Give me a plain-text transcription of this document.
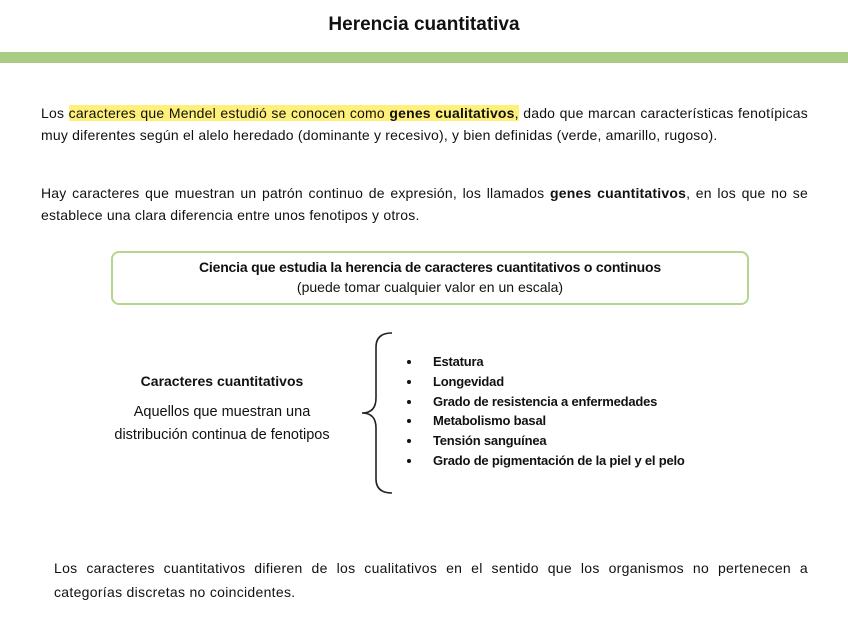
Herencia cuantitativa

Los caracteres que Mendel estudió se conocen como genes cualitativos, dado que marcan características fenotípicas muy diferentes según el alelo heredado (dominante y recesivo), y bien definidas (verde, amarillo, rugoso).

Hay caracteres que muestran un patrón continuo de expresión, los llamados genes cuantitativos, en los que no se establece una clara diferencia entre unos fenotipos y otros.

Ciencia que estudia la herencia de caracteres cuantitativos o continuos
(puede tomar cualquier valor en un escala)
Caracteres cuantitativos
Aquellos que muestran una
distribución continua de fenotipos
Estatura
Longevidad
Grado de resistencia a enfermedades
Metabolismo basal
Tensión sanguínea
Grado de pigmentación de la piel y el pelo

Los caracteres cuantitativos difieren de los cualitativos en el sentido que los organismos no pertenecen a categorías discretas no coincidentes.
